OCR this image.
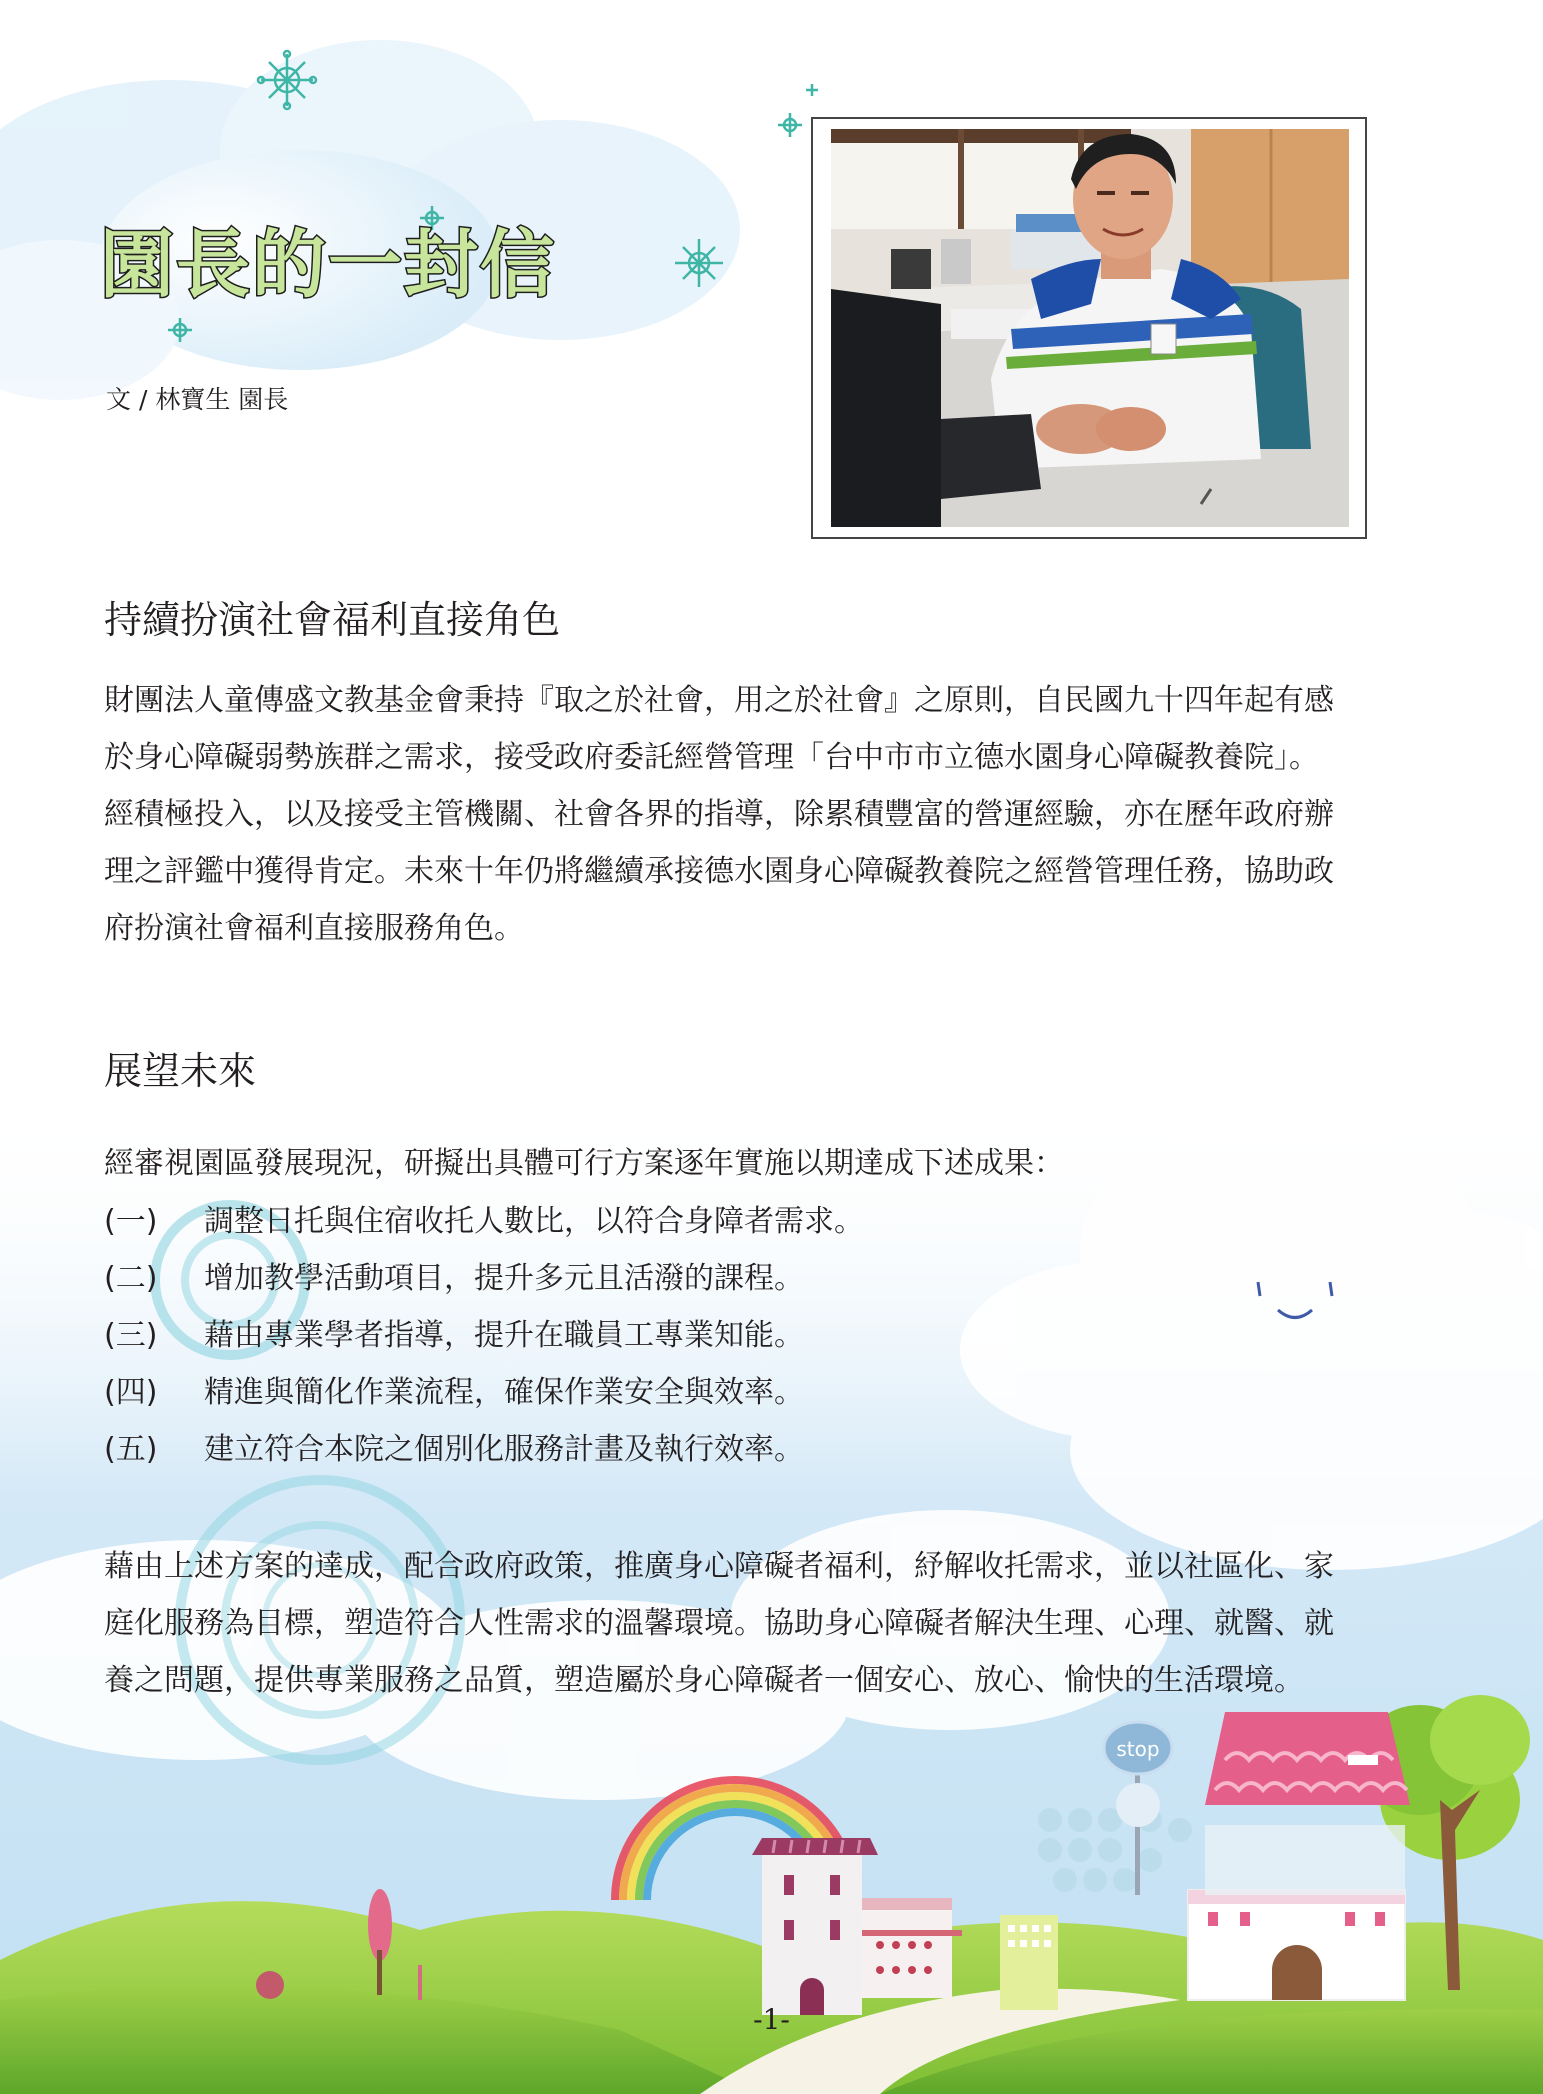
stop
園長的一封信
文 / 林寶生 園長
持續扮演社會福利直接角色

財團法人童傳盛文教基金會秉持『取之於社會，用之於社會』之原則，自民國九十四年起有感

於身心障礙弱勢族群之需求，接受政府委託經營管理「台中市市立德水園身心障礙教養院」。

經積極投入，以及接受主管機關、社會各界的指導，除累積豐富的營運經驗，亦在歷年政府辦

理之評鑑中獲得肯定。未來十年仍將繼續承接德水園身心障礙教養院之經營管理任務，協助政

府扮演社會福利直接服務角色。

展望未來
經審視園區發展現況，研擬出具體可行方案逐年實施以期達成下述成果：
(一)	調整日托與住宿收托人數比，以符合身障者需求。
(二)	增加教學活動項目，提升多元且活潑的課程。
(三)	藉由專業學者指導，提升在職員工專業知能。
(四)	精進與簡化作業流程，確保作業安全與效率。
(五)	建立符合本院之個別化服務計畫及執行效率。

藉由上述方案的達成，配合政府政策，推廣身心障礙者福利，紓解收托需求，並以社區化、家

庭化服務為目標，塑造符合人性需求的溫馨環境。協助身心障礙者解決生理、心理、就醫、就

養之問題，提供專業服務之品質，塑造屬於身心障礙者一個安心、放心、愉快的生活環境。

-1-
